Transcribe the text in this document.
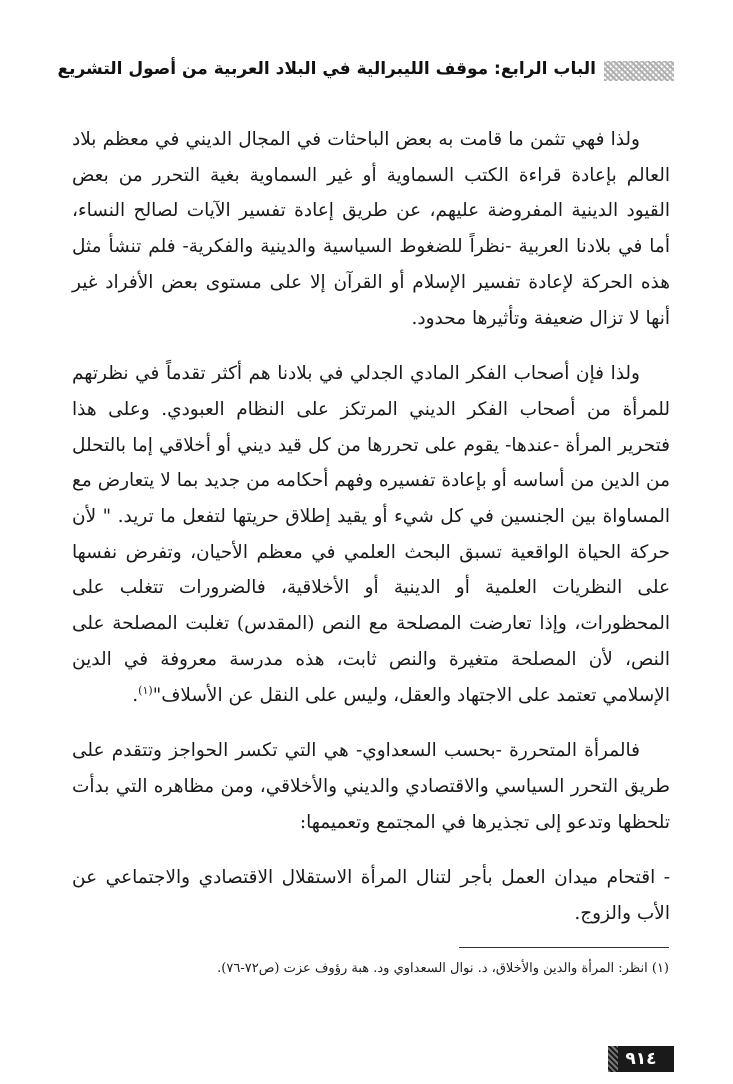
الباب الرابع: موقف الليبرالية في البلاد العربية من أصول التشريع

ولذا فهي تثمن ما قامت به بعض الباحثات في المجال الديني في معظم بلاد العالم بإعادة قراءة الكتب السماوية أو غير السماوية بغية التحرر من بعض القيود الدينية المفروضة عليهم، عن طريق إعادة تفسير الآيات لصالح النساء، أما في بلادنا العربية -نظراً للضغوط السياسية والدينية والفكرية- فلم تنشأ مثل هذه الحركة لإعادة تفسير الإسلام أو القرآن إلا على مستوى بعض الأفراد غير أنها لا تزال ضعيفة وتأثيرها محدود.

ولذا فإن أصحاب الفكر المادي الجدلي في بلادنا هم أكثر تقدماً في نظرتهم للمرأة من أصحاب الفكر الديني المرتكز على النظام العبودي. وعلى هذا فتحرير المرأة -عندها- يقوم على تحررها من كل قيد ديني أو أخلاقي إما بالتحلل من الدين من أساسه أو بإعادة تفسيره وفهم أحكامه من جديد بما لا يتعارض مع المساواة بين الجنسين في كل شيء أو يقيد إطلاق حريتها لتفعل ما تريد. " لأن حركة الحياة الواقعية تسبق البحث العلمي في معظم الأحيان، وتفرض نفسها على النظريات العلمية أو الدينية أو الأخلاقية، فالضرورات تتغلب على المحظورات، وإذا تعارضت المصلحة مع النص (المقدس) تغلبت المصلحة على النص، لأن المصلحة متغيرة والنص ثابت، هذه مدرسة معروفة في الدين الإسلامي تعتمد على الاجتهاد والعقل، وليس على النقل عن الأسلاف"$^{(١)}$.

فالمرأة المتحررة -بحسب السعداوي- هي التي تكسر الحواجز وتتقدم على طريق التحرر السياسي والاقتصادي والديني والأخلاقي، ومن مظاهره التي بدأت تلحظها وتدعو إلى تجذيرها في المجتمع وتعميمها:

- اقتحام ميدان العمل بأجر لتنال المرأة الاستقلال الاقتصادي والاجتماعي عن الأب والزوج.

(١) انظر: المرأة والدين والأخلاق، د. نوال السعداوي ود. هبة رؤوف عزت (ص٧٢-٧٦).
٩١٤
